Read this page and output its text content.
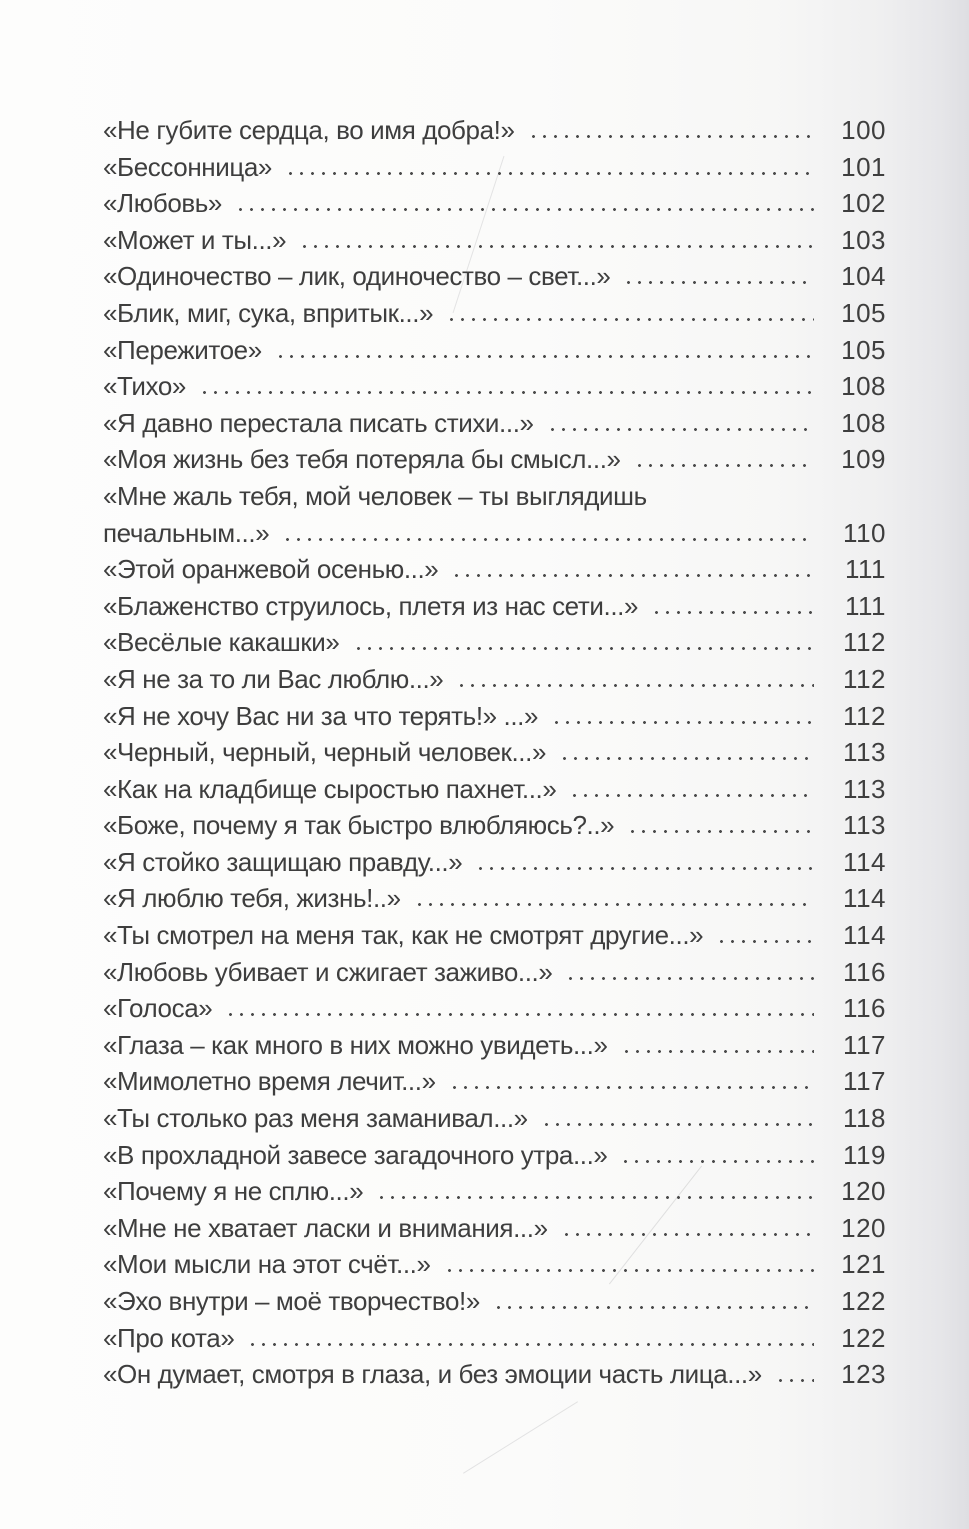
«Не губите сердца, во имя добра!»	100
«Бессонница»	101
«Любовь»	102
«Может и ты...»	103
«Одиночество – лик, одиночество – свет...»	104
«Блик, миг, сука, впритык...»	105
«Пережитое»	105
«Тихо»	108
«Я давно перестала писать стихи...»	108
«Моя жизнь без тебя потеряла бы смысл...»	109
«Мне жаль тебя, мой человек – ты выглядишь
печальным...»	110
«Этой оранжевой осенью...»	111
«Блаженство струилось, плетя из нас сети...»	111
«Весёлые какашки»	112
«Я не за то ли Вас люблю...»	112
«Я не хочу Вас ни за что терять!» ...»	112
«Черный, черный, черный человек...»	113
«Как на кладбище сыростью пахнет...»	113
«Боже, почему я так быстро влюбляюсь?..»	113
«Я стойко защищаю правду...»	114
«Я люблю тебя, жизнь!..»	114
«Ты смотрел на меня так, как не смотрят другие...»	114
«Любовь убивает и сжигает заживо...»	116
«Голоса»	116
«Глаза – как много в них можно увидеть...»	117
«Мимолетно время лечит...»	117
«Ты столько раз меня заманивал...»	118
«В прохладной завесе загадочного утра...»	119
«Почему я не сплю...»	120
«Мне не хватает ласки и внимания...»	120
«Мои мысли на этот счёт...»	121
«Эхо внутри – моё творчество!»	122
«Про кота»	122
«Он думает, смотря в глаза, и без эмоции часть лица...»	123
